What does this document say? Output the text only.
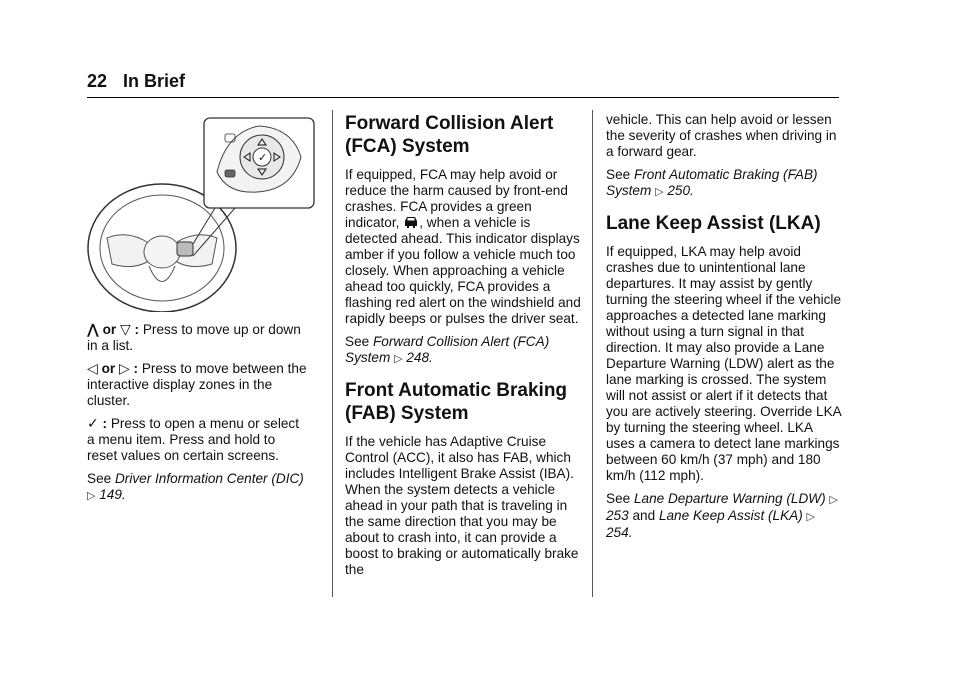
22 In Brief
✓

⋀ or ▽ : Press to move up or down in a list.

◁ or ▷ : Press to move between the interactive display zones in the cluster.

✓ : Press to open a menu or select a menu item. Press and hold to reset values on certain screens.

See Driver Information Center (DIC) ▷ 149.

Forward Collision Alert (FCA) System

If equipped, FCA may help avoid or reduce the harm caused by front-end crashes. FCA provides a green indicator, , when a vehicle is detected ahead. This indicator displays amber if you follow a vehicle much too closely. When approaching a vehicle ahead too quickly, FCA provides a flashing red alert on the windshield and rapidly beeps or pulses the driver seat.

See Forward Collision Alert (FCA) System ▷ 248.

Front Automatic Braking (FAB) System

If the vehicle has Adaptive Cruise Control (ACC), it also has FAB, which includes Intelligent Brake Assist (IBA). When the system detects a vehicle ahead in your path that is traveling in the same direction that you may be about to crash into, it can provide a boost to braking or automatically brake the

vehicle. This can help avoid or lessen the severity of crashes when driving in a forward gear.

See Front Automatic Braking (FAB) System ▷ 250.

Lane Keep Assist (LKA)

If equipped, LKA may help avoid crashes due to unintentional lane departures. It may assist by gently turning the steering wheel if the vehicle approaches a detected lane marking without using a turn signal in that direction. It may also provide a Lane Departure Warning (LDW) alert as the lane marking is crossed. The system will not assist or alert if it detects that you are actively steering. Override LKA by turning the steering wheel. LKA uses a camera to detect lane markings between 60 km/h (37 mph) and 180 km/h (112 mph).

See Lane Departure Warning (LDW) ▷ 253 and Lane Keep Assist (LKA) ▷ 254.
